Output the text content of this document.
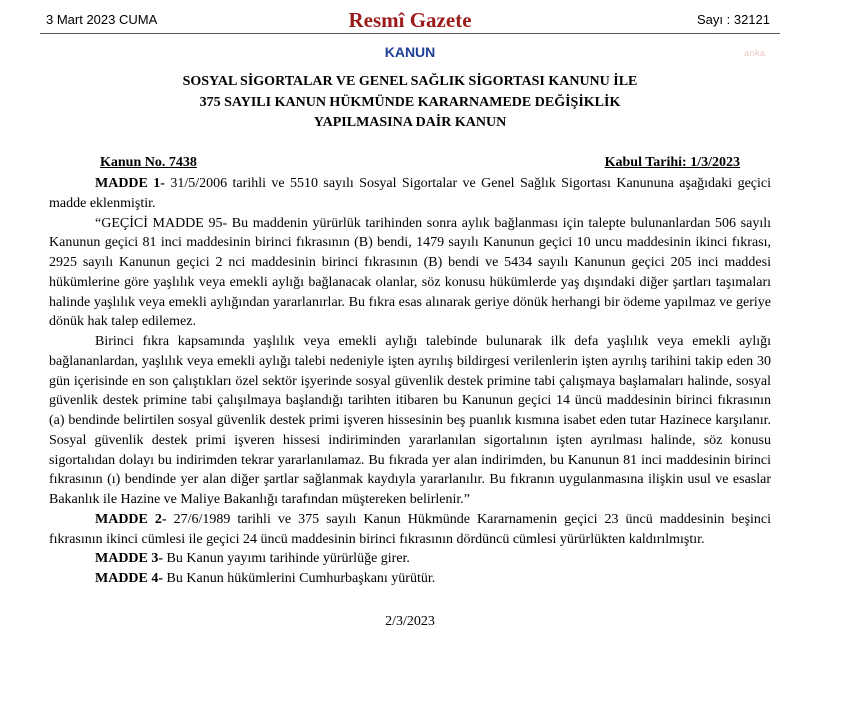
3 Mart 2023 CUMA	Resmî Gazete	Sayı : 32121
anka
KANUN
SOSYAL SİGORTALAR VE GENEL SAĞLIK SİGORTASI KANUNU İLE
375 SAYILI KANUN HÜKMÜNDE KARARNAMEDE DEĞİŞİKLİK
YAPILMASINA DAİR KANUN
Kanun No. 7438	Kabul Tarihi: 1/3/2023

MADDE 1- 31/5/2006 tarihli ve 5510 sayılı Sosyal Sigortalar ve Genel Sağlık Sigortası Kanununa aşağıdaki geçici madde eklenmiştir.

“GEÇİCİ MADDE 95- Bu maddenin yürürlük tarihinden sonra aylık bağlanması için talepte bulunanlardan 506 sayılı Kanunun geçici 81 inci maddesinin birinci fıkrasının (B) bendi, 1479 sayılı Kanunun geçici 10 uncu maddesinin ikinci fıkrası, 2925 sayılı Kanunun geçici 2 nci maddesinin birinci fıkrasının (B) bendi ve 5434 sayılı Kanunun geçici 205 inci maddesi hükümlerine göre yaşlılık veya emekli aylığı bağlanacak olanlar, söz konusu hükümlerde yaş dışındaki diğer şartları taşımaları halinde yaşlılık veya emekli aylığından yararlanırlar. Bu fıkra esas alınarak geriye dönük herhangi bir ödeme yapılmaz ve geriye dönük hak talep edilemez.

Birinci fıkra kapsamında yaşlılık veya emekli aylığı talebinde bulunarak ilk defa yaşlılık veya emekli aylığı bağlananlardan, yaşlılık veya emekli aylığı talebi nedeniyle işten ayrılış bildirgesi verilenlerin işten ayrılış tarihini takip eden 30 gün içerisinde en son çalıştıkları özel sektör işyerinde sosyal güvenlik destek primine tabi çalışmaya başlamaları halinde, sosyal güvenlik destek primine tabi çalışılmaya başlandığı tarihten itibaren bu Kanunun geçici 14 üncü maddesinin birinci fıkrasının (a) bendinde belirtilen sosyal güvenlik destek primi işveren hissesinin beş puanlık kısmına isabet eden tutar Hazinece karşılanır. Sosyal güvenlik destek primi işveren hissesi indiriminden yararlanılan sigortalının işten ayrılması halinde, söz konusu sigortalıdan dolayı bu indirimden tekrar yararlanılamaz. Bu fıkrada yer alan indirimden, bu Kanunun 81 inci maddesinin birinci fıkrasının (ı) bendinde yer alan diğer şartlar sağlanmak kaydıyla yararlanılır. Bu fıkranın uygulanmasına ilişkin usul ve esaslar Bakanlık ile Hazine ve Maliye Bakanlığı tarafından müştereken belirlenir.”

MADDE 2- 27/6/1989 tarihli ve 375 sayılı Kanun Hükmünde Kararnamenin geçici 23 üncü maddesinin beşinci fıkrasının ikinci cümlesi ile geçici 24 üncü maddesinin birinci fıkrasının dördüncü cümlesi yürürlükten kaldırılmıştır.

MADDE 3- Bu Kanun yayımı tarihinde yürürlüğe girer.

MADDE 4- Bu Kanun hükümlerini Cumhurbaşkanı yürütür.

2/3/2023
